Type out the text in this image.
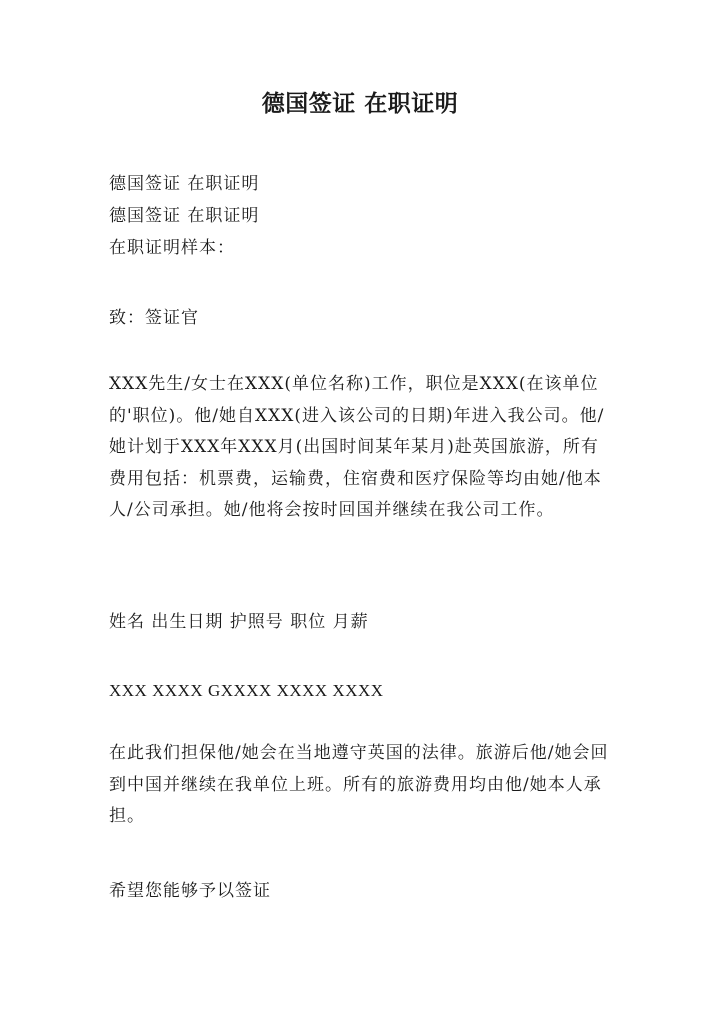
德国签证 在职证明
德国签证 在职证明
德国签证 在职证明
在职证明样本：
致：签证官
XXX先生/女士在XXX(单位名称)工作，职位是XXX(在该单位的'职位)。他/她自XXX(进入该公司的日期)年进入我公司。他/她计划于XXX年XXX月(出国时间某年某月)赴英国旅游，所有费用包括：机票费，运输费，住宿费和医疗保险等均由她/他本人/公司承担。她/他将会按时回国并继续在我公司工作。
姓名 出生日期 护照号 职位 月薪
XXX XXXX GXXXX XXXX XXXX
在此我们担保他/她会在当地遵守英国的法律。旅游后他/她会回到中国并继续在我单位上班。所有的旅游费用均由他/她本人承担。
希望您能够予以签证
